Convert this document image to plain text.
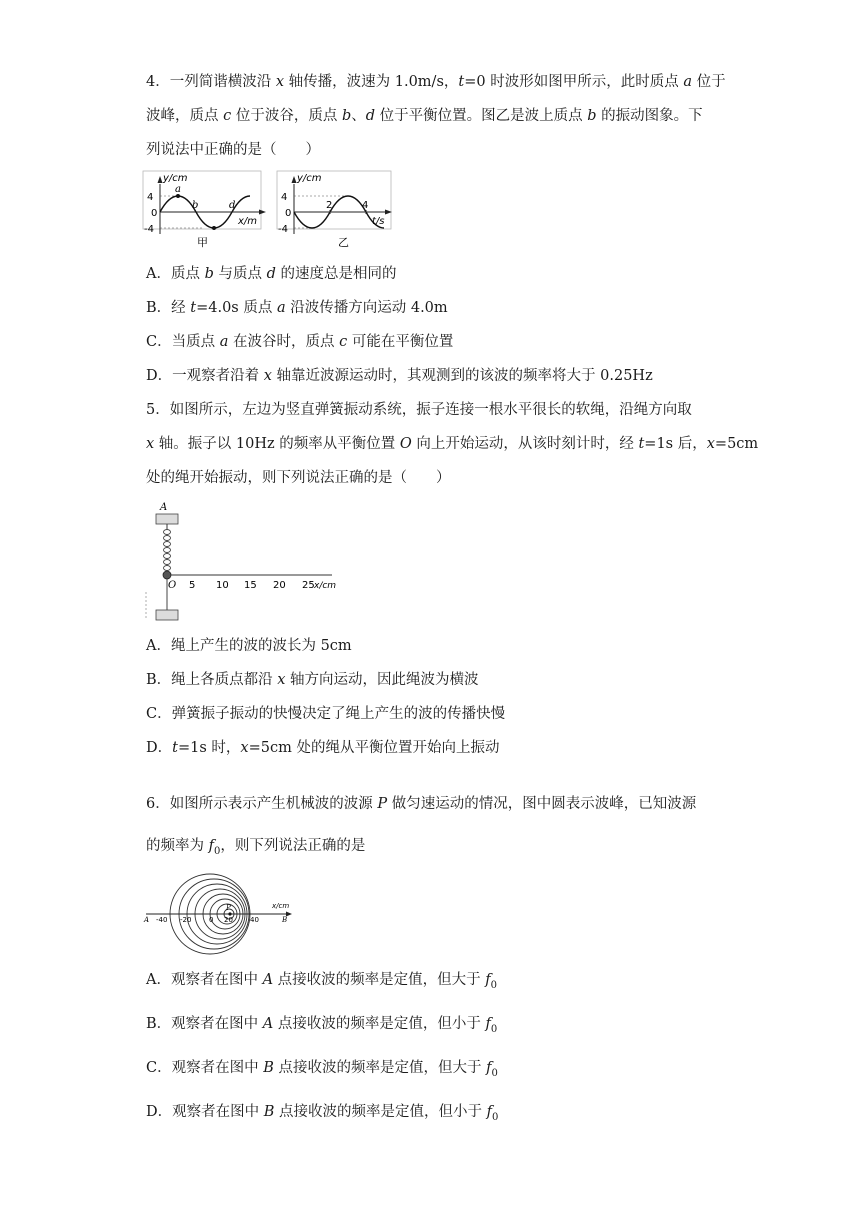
4．一列简谐横波沿 x 轴传播，波速为 1.0m/s，t=0 时波形如图甲所示，此时质点 a 位于
波峰，质点 c 位于波谷，质点 b、d 位于平衡位置。图乙是波上质点 b 的振动图象。下
列说法中正确的是（　　）
y/cm
4
0
-4
a
b	d
x/m
甲
y/cm
4
0
-4
2	4
t/s
乙
A．质点 b 与质点 d 的速度总是相同的
B．经 t=4.0s 质点 a 沿波传播方向运动 4.0m
C．当质点 a 在波谷时，质点 c 可能在平衡位置
D．一观察者沿着 x 轴靠近波源运动时，其观测到的该波的频率将大于 0.25Hz
5．如图所示，左边为竖直弹簧振动系统，振子连接一根水平很长的软绳，沿绳方向取
x 轴。振子以 10Hz 的频率从平衡位置 O 向上开始运动，从该时刻计时，经 t=1s 后，x=5cm
处的绳开始振动，则下列说法正确的是（　　）
A
O 5 10 15 20 25 x/cm
A．绳上产生的波的波长为 5cm
B．绳上各质点都沿 x 轴方向运动，因此绳波为横波
C．弹簧振子振动的快慢决定了绳上产生的波的传播快慢
D．t=1s 时，x=5cm 处的绳从平衡位置开始向上振动
6．如图所示表示产生机械波的波源 P 做匀速运动的情况，图中圆表示波峰，已知波源
的频率为 $f_0$，则下列说法正确的是
P
A -40 -20	0 20 40	B
x/cm
A．观察者在图中 A 点接收波的频率是定值，但大于 $f_0$
B．观察者在图中 A 点接收波的频率是定值，但小于 $f_0$
C．观察者在图中 B 点接收波的频率是定值，但大于 $f_0$
D．观察者在图中 B 点接收波的频率是定值，但小于 $f_0$
